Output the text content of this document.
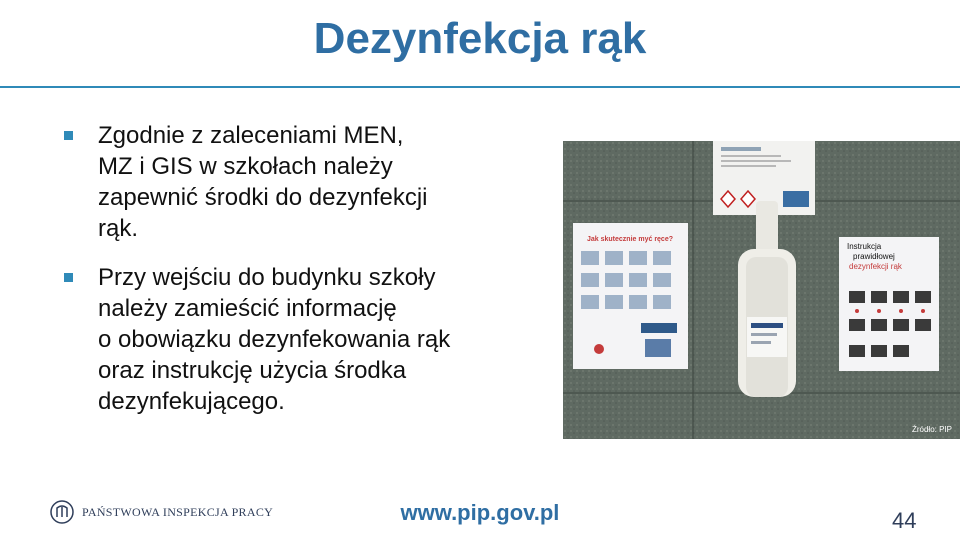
Dezynfekcja rąk
Zgodnie z zaleceniami MEN,
MZ i GIS w szkołach należy
zapewnić środki do dezynfekcji
rąk.
Przy wejściu do budynku szkoły
należy zamieścić informację
o obowiązku dezynfekowania rąk
oraz instrukcję użycia środka
dezynfekującego.
Jak skutecznie myć ręce?
Instrukcja
prawidłowej
dezynfekcji rąk
Źródło: PIP
PAŃSTWOWA INSPEKCJA PRACY	www.pip.gov.pl	44
